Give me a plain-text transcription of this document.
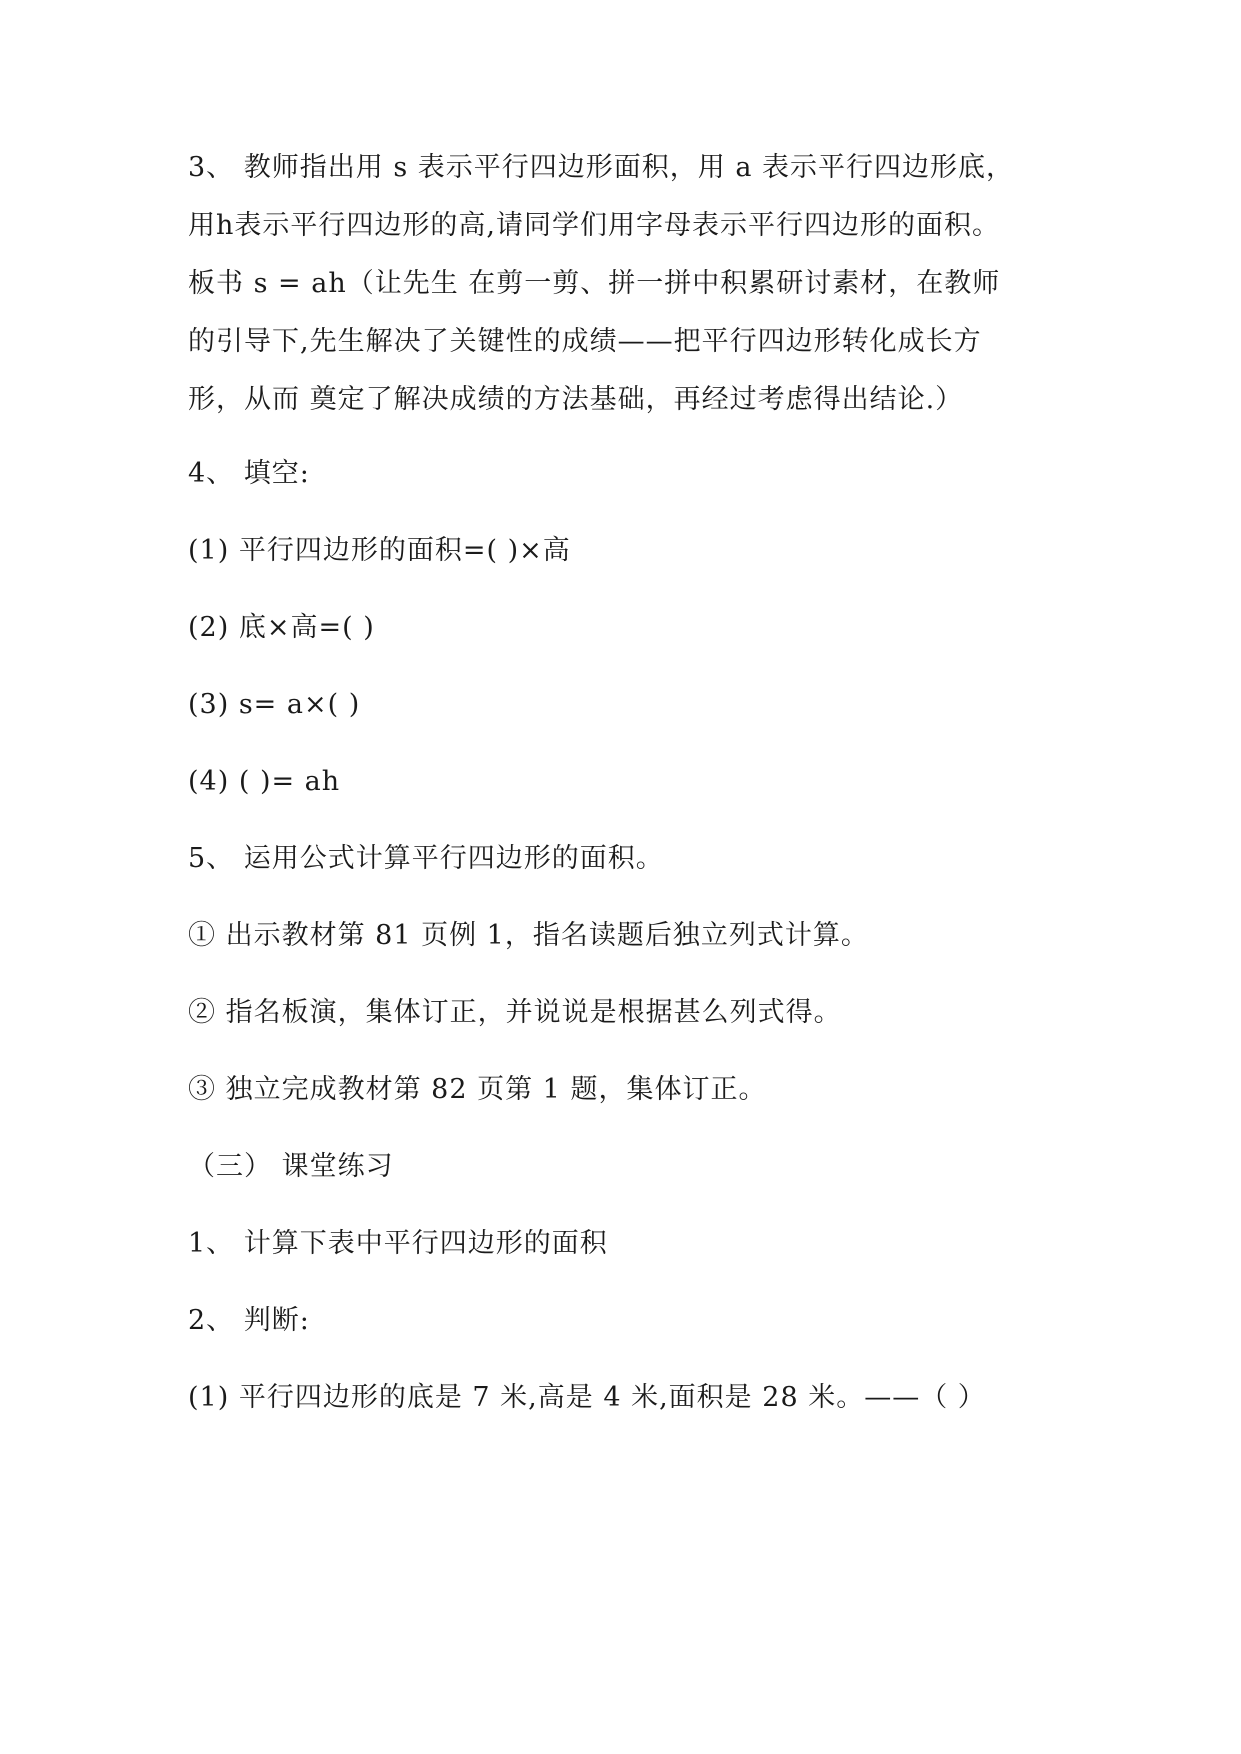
3、 教师指出用 s 表示平行四边形面积，用 a 表示平行四边形底，
用h表示平行四边形的高,请同学们用字母表示平行四边形的面积。
板书 s = ah（让先生 在剪一剪、拼一拼中积累研讨素材，在教师
的引导下,先生解决了关键性的成绩——把平行四边形转化成长方
形，从而 奠定了解决成绩的方法基础，再经过考虑得出结论.）
4、 填空:
(1) 平行四边形的面积=( )×高
(2) 底×高=( )
(3) s= a×( )
(4) ( )= ah
5、 运用公式计算平行四边形的面积。
① 出示教材第 81 页例 1，指名读题后独立列式计算。
② 指名板演，集体订正，并说说是根据甚么列式得。
③ 独立完成教材第 82 页第 1 题，集体订正。
（三） 课堂练习
1、 计算下表中平行四边形的面积
2、 判断:
(1) 平行四边形的底是 7 米,高是 4 米,面积是 28 米。——（ ）
